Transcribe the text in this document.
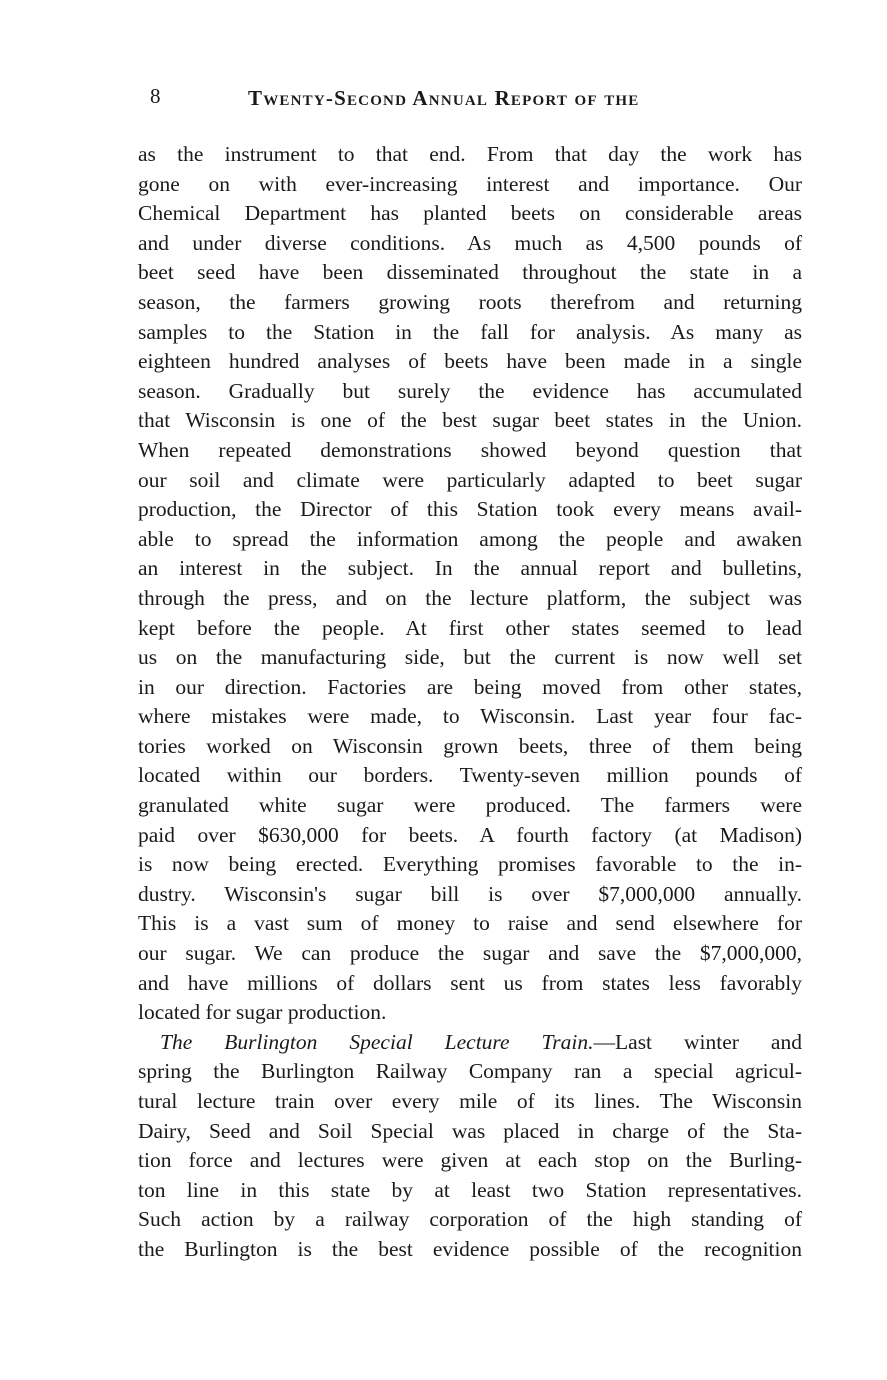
8	Twenty-Second Annual Report of the
as the instrument to that end. From that day the work has
gone on with ever-increasing interest and importance. Our
Chemical Department has planted beets on considerable areas
and under diverse conditions. As much as 4,500 pounds of
beet seed have been disseminated throughout the state in a
season, the farmers growing roots therefrom and returning
samples to the Station in the fall for analysis. As many as
eighteen hundred analyses of beets have been made in a single
season. Gradually but surely the evidence has accumulated
that Wisconsin is one of the best sugar beet states in the Union.
When repeated demonstrations showed beyond question that
our soil and climate were particularly adapted to beet sugar
production, the Director of this Station took every means avail-
able to spread the information among the people and awaken
an interest in the subject. In the annual report and bulletins,
through the press, and on the lecture platform, the subject was
kept before the people. At first other states seemed to lead
us on the manufacturing side, but the current is now well set
in our direction. Factories are being moved from other states,
where mistakes were made, to Wisconsin. Last year four fac-
tories worked on Wisconsin grown beets, three of them being
located within our borders. Twenty-seven million pounds of
granulated white sugar were produced. The farmers were
paid over $630,000 for beets. A fourth factory (at Madison)
is now being erected. Everything promises favorable to the in-
dustry. Wisconsin's sugar bill is over $7,000,000 annually.
This is a vast sum of money to raise and send elsewhere for
our sugar. We can produce the sugar and save the $7,000,000,
and have millions of dollars sent us from states less favorably
located for sugar production.
The Burlington Special Lecture Train.—Last winter and
spring the Burlington Railway Company ran a special agricul-
tural lecture train over every mile of its lines. The Wisconsin
Dairy, Seed and Soil Special was placed in charge of the Sta-
tion force and lectures were given at each stop on the Burling-
ton line in this state by at least two Station representatives.
Such action by a railway corporation of the high standing of
the Burlington is the best evidence possible of the recognition
